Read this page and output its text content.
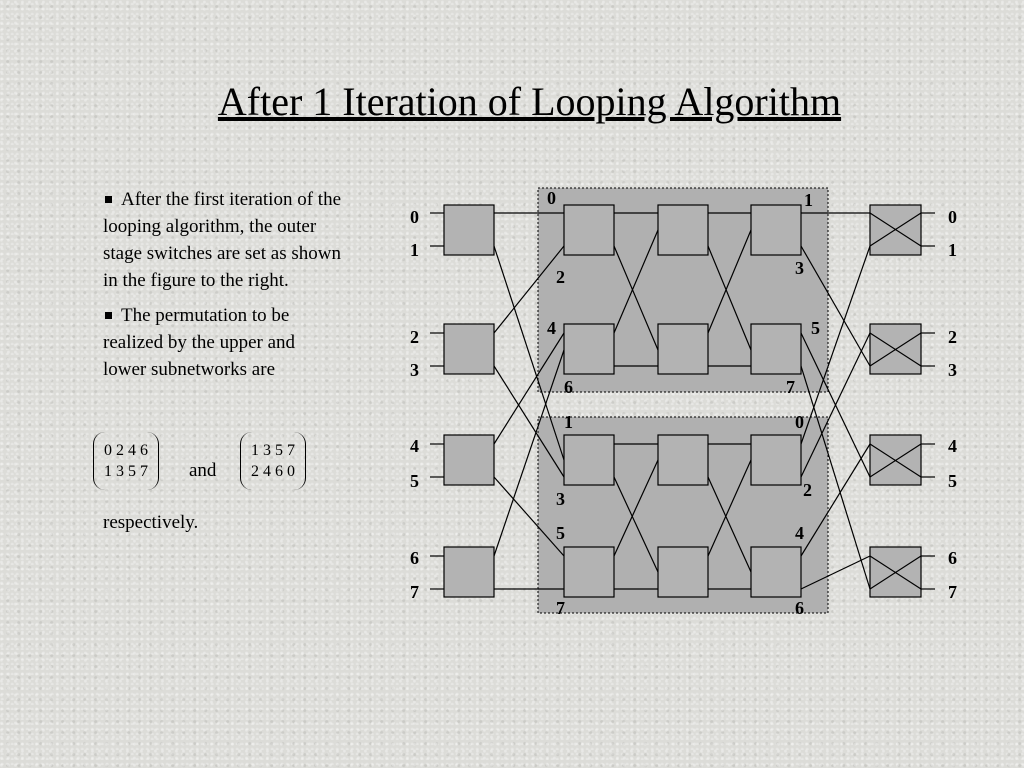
After 1 Iteration of Looping Algorithm
After the first iteration of the looping algorithm, the outer stage switches are set as shown in the figure to the right.
The permutation to be realized by the upper and lower subnetworks are
0 2 4 6
1 3 5 7 and
1 3 5 7
2 4 6 0
respectively.
0
1
2
3
4
5
6
7
0
1
2
3
4
5
6
7
0	1
2	3
4	5
6	7
1	0
3	2
5	4
7	6
